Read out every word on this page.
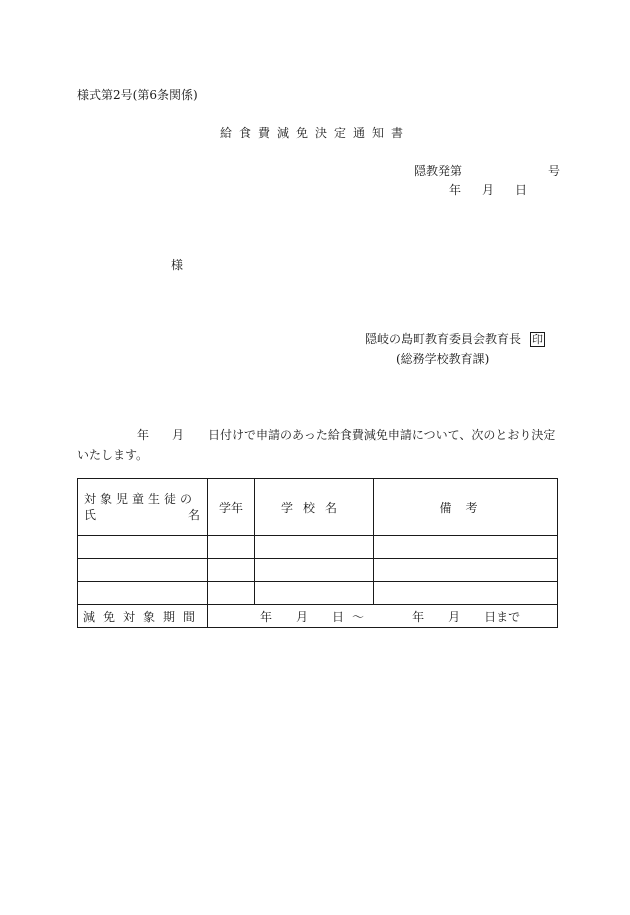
様式第2号(第6条関係)
給食費減免決定通知書
隠教発第	号
年 月 日
様
隠岐の島町教育委員会教育長 印
(総務学校教育課)
年 月 日付けで申請のあった給食費減免申請について、次のとおり決定
いたします。
対象児童生徒の
氏 名	学年	学校名	備考

減免対象期間	年 月 日 〜 年 月 日まで		
